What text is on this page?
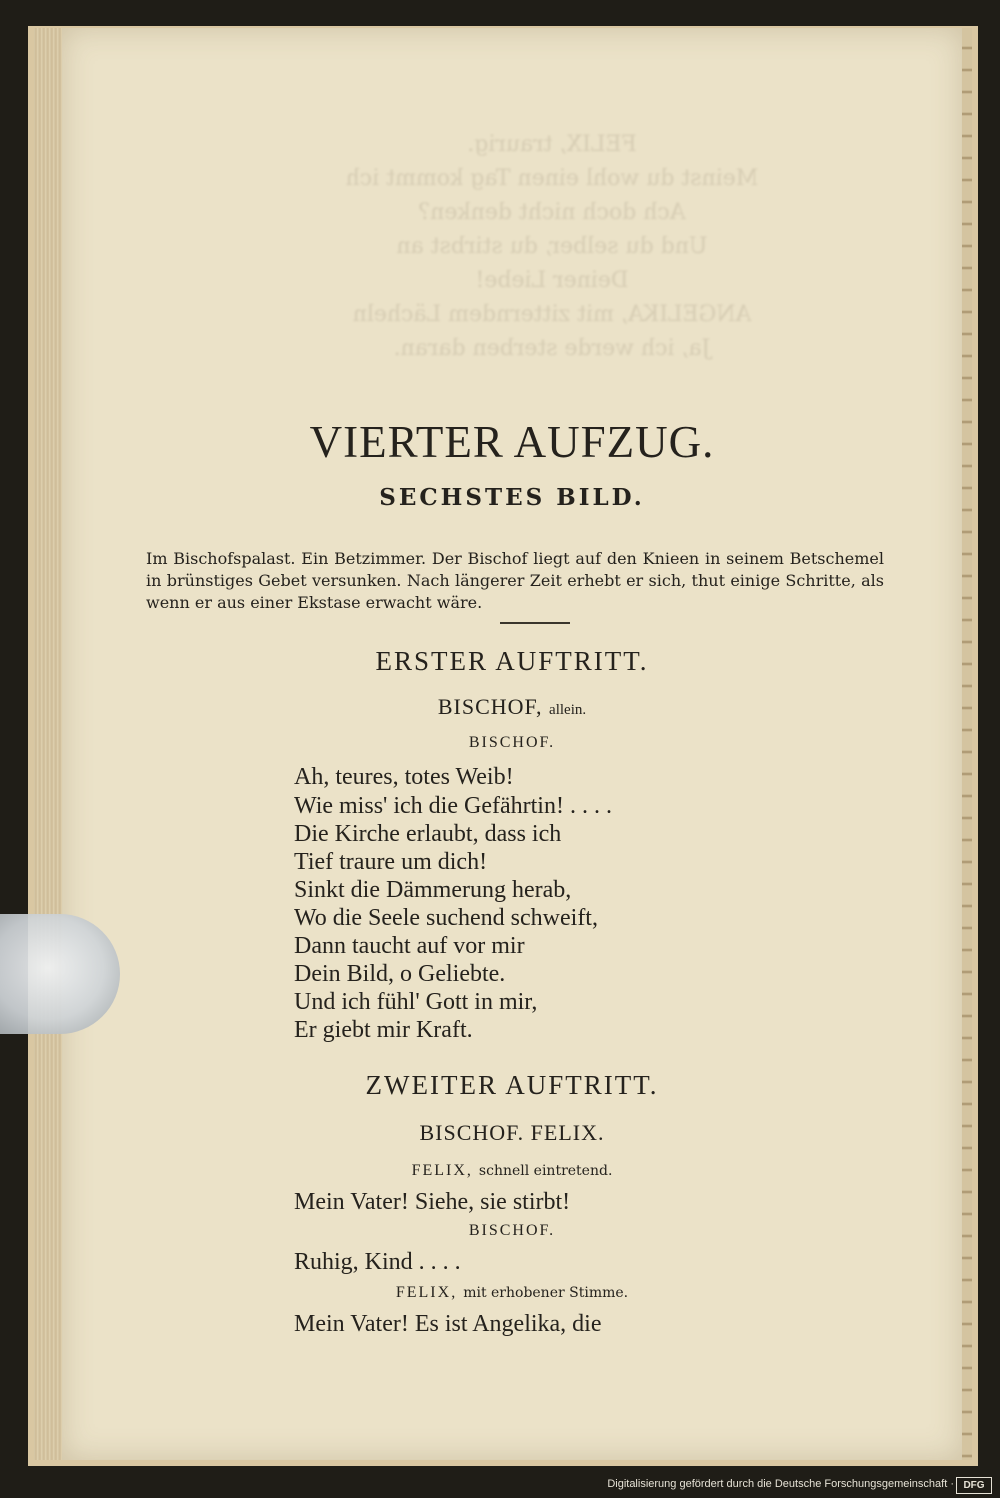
FELIX, traurig.
Meinst du wohl einen Tag kommt ich
Ach doch nicht denken?
Und du selber, du stirbst an
Deiner Liebe!
ANGELIKA, mit zitterndem Lächeln
Ja, ich werde sterben daran.
VIERTER AUFZUG.
SECHSTES BILD.

Im Bischofspalast. Ein Betzimmer. Der Bischof liegt auf den Knieen in seinem Betschemel in brünstiges Gebet versunken. Nach längerer Zeit erhebt er sich, thut einige Schritte, als wenn er aus einer Ekstase erwacht wäre.

ERSTER AUFTRITT.
BISCHOF, allein.
BISCHOF.
Ah, teures, totes Weib!
Wie miss' ich die Gefährtin! . . . .
Die Kirche erlaubt, dass ich
Tief traure um dich!
Sinkt die Dämmerung herab,
Wo die Seele suchend schweift,
Dann taucht auf vor mir
Dein Bild, o Geliebte.
Und ich fühl' Gott in mir,
Er giebt mir Kraft.
ZWEITER AUFTRITT.
BISCHOF. FELIX.
FELIX, schnell eintretend.
Mein Vater! Siehe, sie stirbt!
BISCHOF.
Ruhig, Kind . . . .
FELIX, mit erhobener Stimme.
Mein Vater! Es ist Angelika, die
Digitalisierung gefördert durch die Deutsche Forschungsgemeinschaft · DFG
